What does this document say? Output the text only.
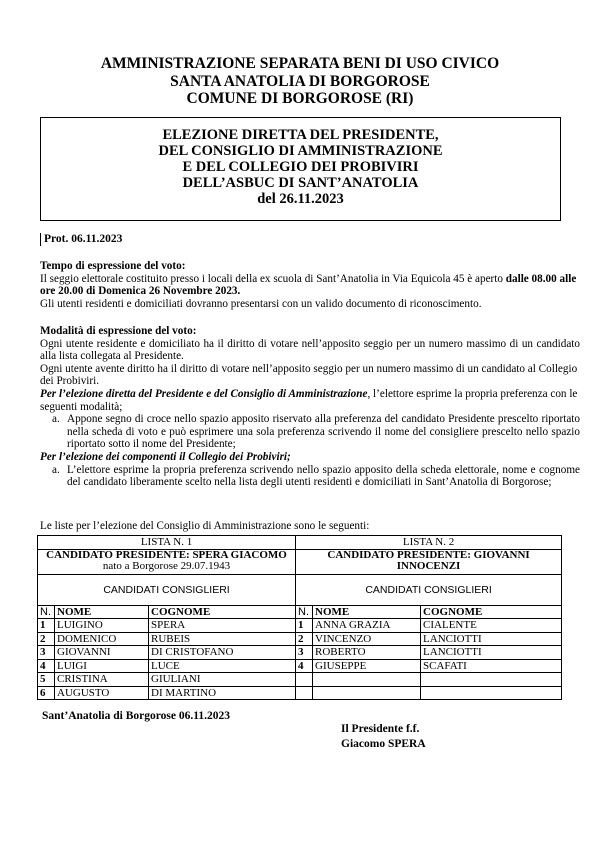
AMMINISTRAZIONE SEPARATA BENI DI USO CIVICO
SANTA ANATOLIA DI BORGOROSE
COMUNE DI BORGOROSE (RI)
ELEZIONE DIRETTA DEL PRESIDENTE,
DEL CONSIGLIO DI AMMINISTRAZIONE
E DEL COLLEGIO DEI PROBIVIRI
DELL’ASBUC DI SANT’ANATOLIA
del 26.11.2023
Prot. 06.11.2023

Tempo di espressione del voto:

Il seggio elettorale costituito presso i locali della ex scuola di Sant’Anatolia in Via Equicola 45 è aperto dalle 08.00 alle ore 20.00 di Domenica 26 Novembre 2023.

Gli utenti residenti e domiciliati dovranno presentarsi con un valido documento di riconoscimento.

Modalità di espressione del voto:

Ogni utente residente e domiciliato ha il diritto di votare nell’apposito seggio per un numero massimo di un candidato alla lista collegata al Presidente.

Ogni utente avente diritto ha il diritto di votare nell’apposito seggio per un numero massimo di un candidato al Collegio dei Probiviri.

Per l’elezione diretta del Presidente e del Consiglio di Amministrazione, l’elettore esprime la propria preferenza con le seguenti modalità;

a. Appone segno di croce nello spazio apposito riservato alla preferenza del candidato Presidente prescelto riportato nella scheda di voto e può esprimere una sola preferenza scrivendo il nome del consigliere prescelto nello spazio riportato sotto il nome del Presidente;

Per l’elezione dei componenti il Collegio dei Probiviri;

a. L’elettore esprime la propria preferenza scrivendo nello spazio apposito della scheda elettorale, nome e cognome del candidato liberamente scelto nella lista degli utenti residenti e domiciliati in Sant’Anatolia di Borgorose;
Le liste per l’elezione del Consiglio di Amministrazione sono le seguenti:
LISTA N. 1			LISTA N. 2		
CANDIDATO PRESIDENTE: SPERA GIACOMO nato a Borgorose 29.07.1943			CANDIDATO PRESIDENTE: GIOVANNI INNOCENZI		
CANDIDATI CONSIGLIERI			CANDIDATI CONSIGLIERI		
N.	NOME	COGNOME	N.	NOME	COGNOME
1	LUIGINO	SPERA	1	ANNA GRAZIA	CIALENTE
2	DOMENICO	RUBEIS	2	VINCENZO	LANCIOTTI
3	GIOVANNI	DI CRISTOFANO	3	ROBERTO	LANCIOTTI
4	LUIGI	LUCE	4	GIUSEPPE	SCAFATI
5	CRISTINA	GIULIANI			
6	AUGUSTO	DI MARTINO			
Sant’Anatolia di Borgorose 06.11.2023
Il Presidente f.f.
Giacomo SPERA
